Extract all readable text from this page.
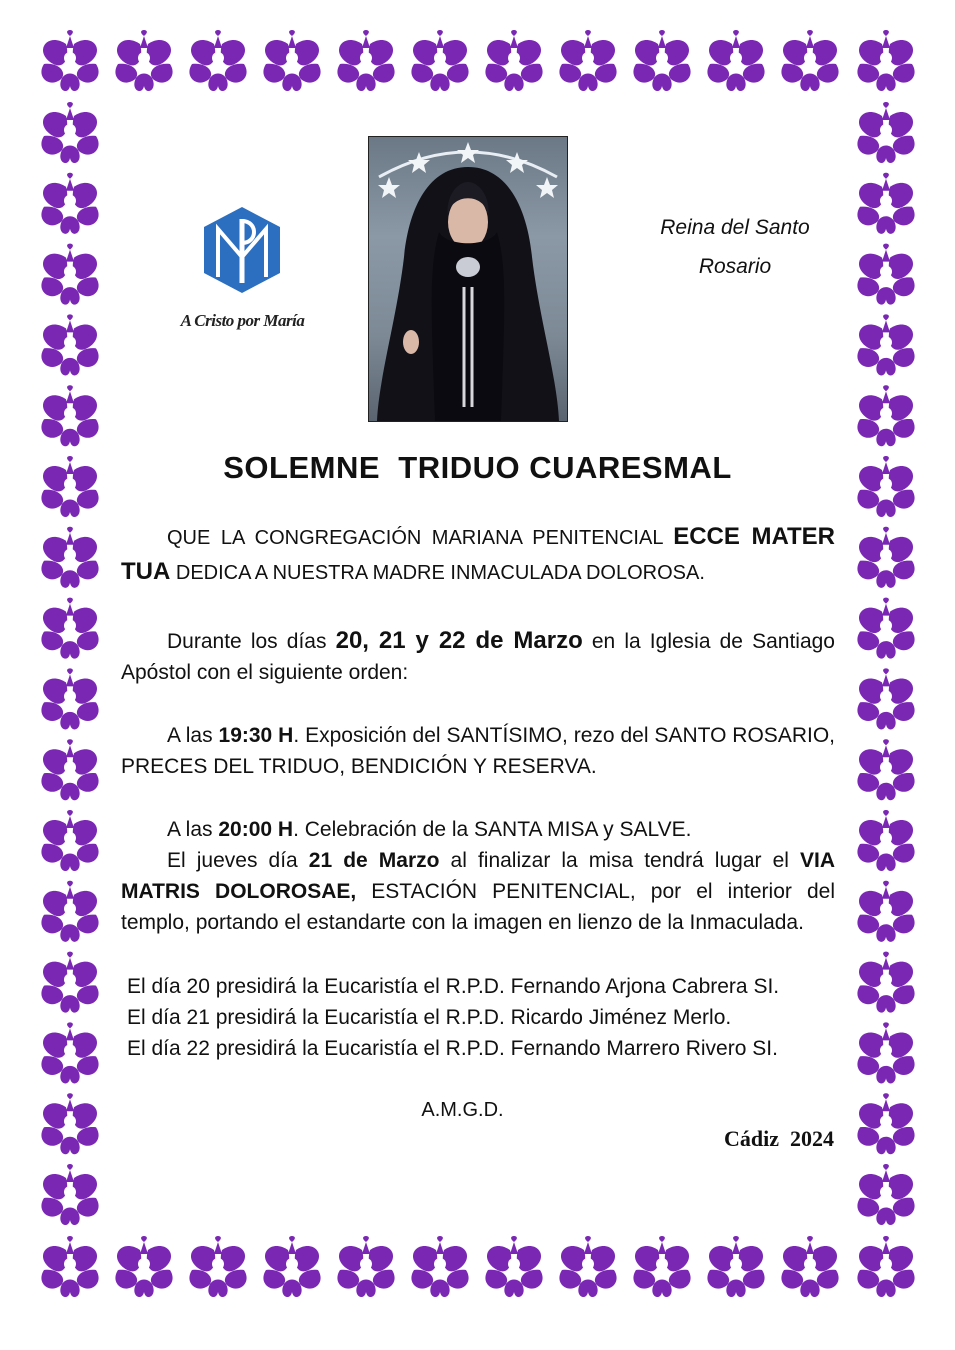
A Cristo por María
Reina del Santo
Rosario
SOLEMNE  TRIDUO CUARESMAL
QUE LA CONGREGACIÓN MARIANA PENITENCIAL ECCE MATER TUA DEDICA A NUESTRA MADRE INMACULADA DOLOROSA.
Durante los días 20, 21 y 22 de Marzo en la Iglesia de Santiago Apóstol con el siguiente orden:
A las 19:30 H. Exposición del SANTÍSIMO, rezo del SANTO ROSARIO, PRECES DEL TRIDUO, BENDICIÓN Y RESERVA.
A las 20:00 H. Celebración de la SANTA MISA y SALVE.
El jueves día 21 de Marzo al finalizar la misa tendrá lugar el VIA MATRIS DOLOROSAE, ESTACIÓN PENITENCIAL, por el interior del templo, portando el estandarte con la imagen en lienzo de la Inmaculada.
El día 20 presidirá la Eucaristía el R.P.D. Fernando Arjona Cabrera SI.
El día 21 presidirá la Eucaristía el R.P.D. Ricardo Jiménez Merlo.
El día 22 presidirá la Eucaristía el R.P.D. Fernando Marrero Rivero SI.
A.M.G.D.
Cádiz  2024
